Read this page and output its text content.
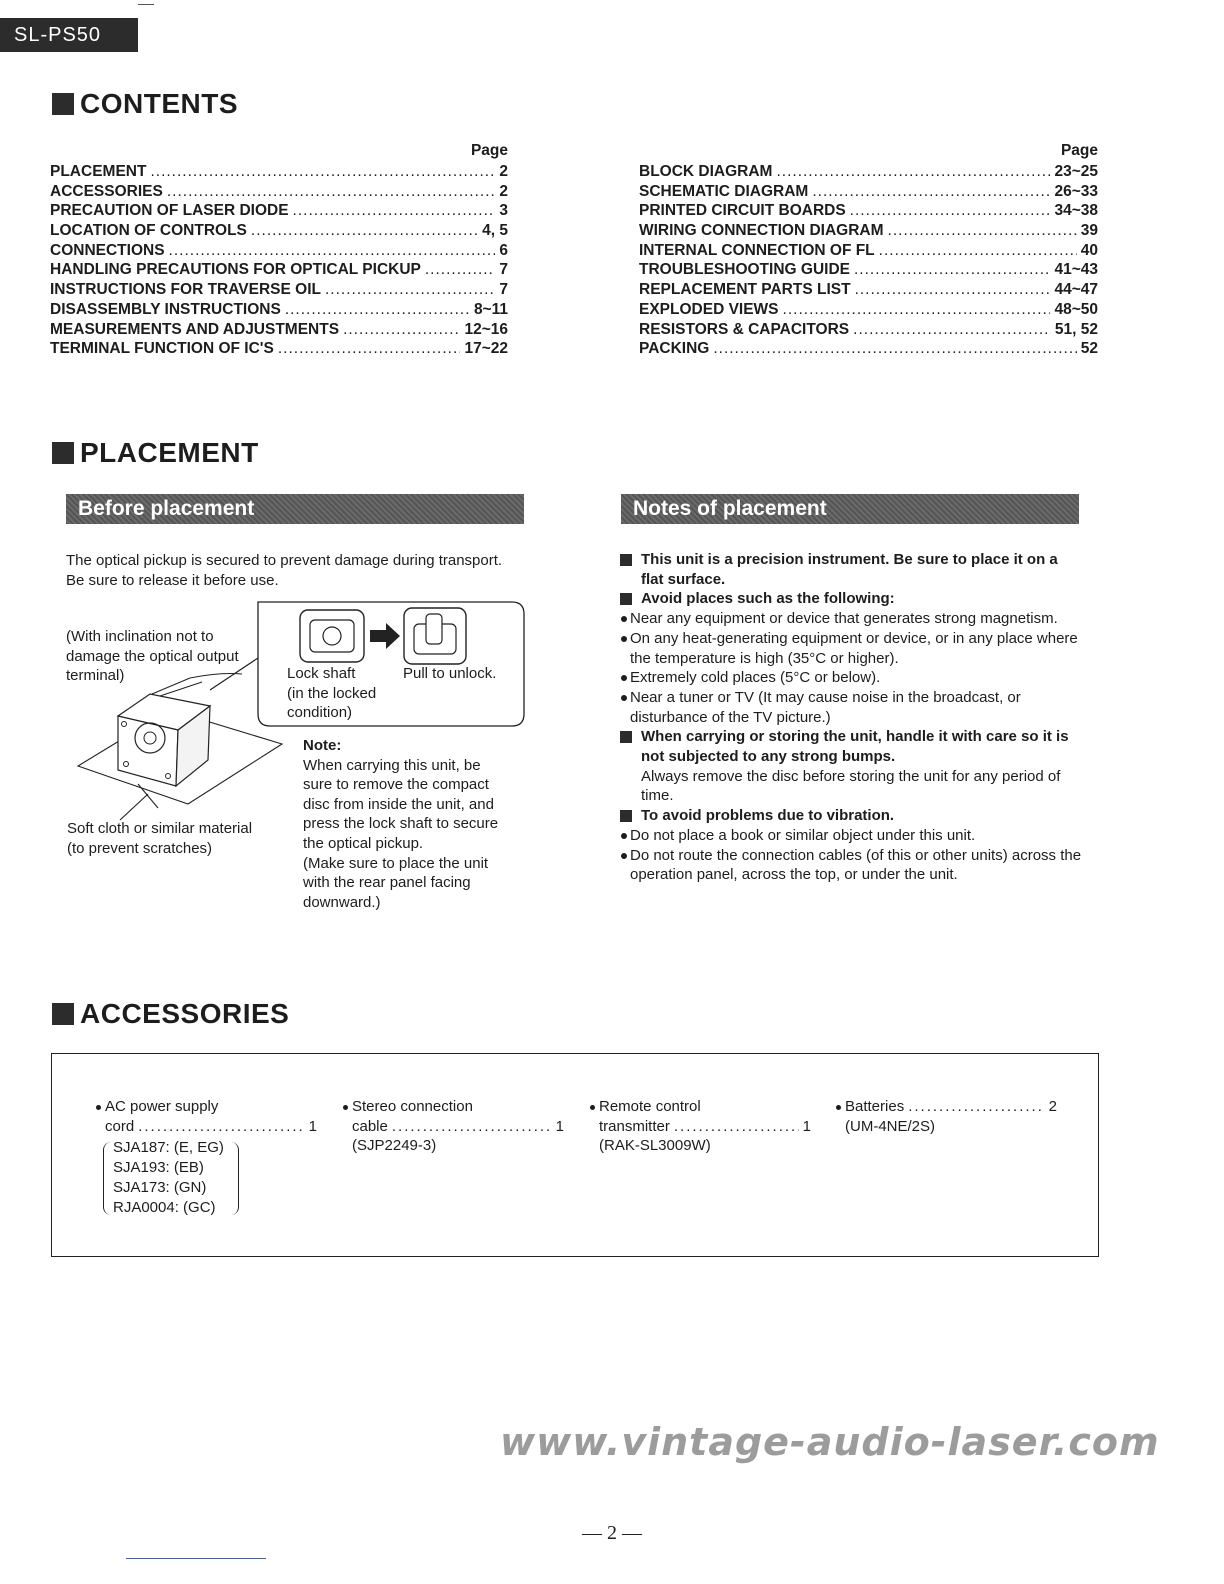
SL-PS50
CONTENTS
Page
PLACEMENT .....	2
ACCESSORIES .....	2
PRECAUTION OF LASER DIODE .....	3
LOCATION OF CONTROLS .....	4, 5
CONNECTIONS .....	6
HANDLING PRECAUTIONS FOR OPTICAL PICKUP .....	7
INSTRUCTIONS FOR TRAVERSE OIL .....	7
DISASSEMBLY INSTRUCTIONS .....	8~11
MEASUREMENTS AND ADJUSTMENTS .....	12~16
TERMINAL FUNCTION OF IC'S .....	17~22
Page
BLOCK DIAGRAM .....	23~25
SCHEMATIC DIAGRAM .....	26~33
PRINTED CIRCUIT BOARDS .....	34~38
WIRING CONNECTION DIAGRAM .....	39
INTERNAL CONNECTION OF FL .....	40
TROUBLESHOOTING GUIDE .....	41~43
REPLACEMENT PARTS LIST .....	44~47
EXPLODED VIEWS .....	48~50
RESISTORS & CAPACITORS .....	51, 52
PACKING .....	52
PLACEMENT
Before placement	Notes of placement
The optical pickup is secured to prevent damage during transport.
Be sure to release it before use.
(With inclination not to
damage the optical output
terminal)	Lock shaft
(in the locked
condition)
Pull to unlock.
Note:
When carrying this unit, be
sure to remove the compact
disc from inside the unit, and
press the lock shaft to secure
the optical pickup.
(Make sure to place the unit
with the rear panel facing
downward.)
Soft cloth or similar material
(to prevent scratches)
This unit is a precision instrument. Be sure to place it on a flat surface.
Avoid places such as the following:
Near any equipment or device that generates strong magnetism.
On any heat-generating equipment or device, or in any place where the temperature is high (35°C or higher).
Extremely cold places (5°C or below).
Near a tuner or TV (It may cause noise in the broadcast, or disturbance of the TV picture.)
When carrying or storing the unit, handle it with care so it is not subjected to any strong bumps.
Always remove the disc before storing the unit for any period of time.
To avoid problems due to vibration.
Do not place a book or similar object under this unit.
Do not route the connection cables (of this or other units) across the operation panel, across the top, or under the unit.
ACCESSORIES
AC power supply
cord .....	1
SJA187: (E, EG)
SJA193: (EB)
SJA173: (GN)
RJA0004: (GC)
Stereo connection
cable .....	1
(SJP2249-3)
Remote control
transmitter .....	1
(RAK-SL3009W)
Batteries .....	2
(UM-4NE/2S)
www.vintage-audio-laser.com
— 2 —
